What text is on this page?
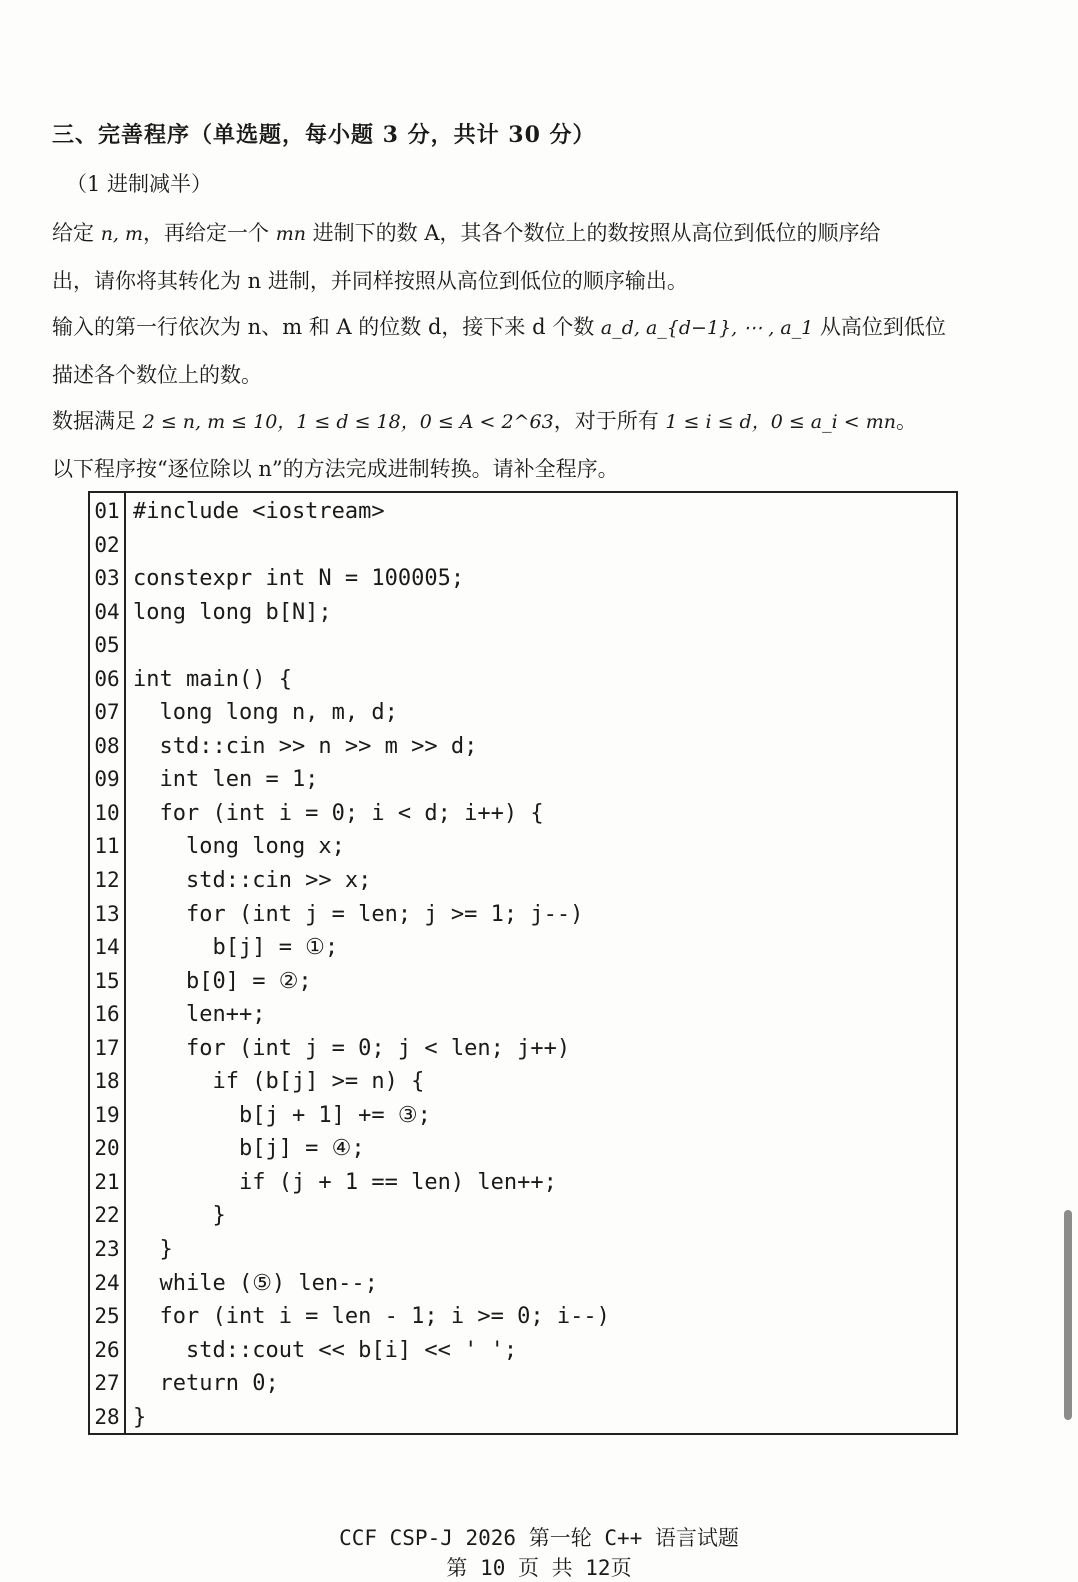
三、完善程序（单选题，每小题 3 分，共计 30 分）
（1 进制减半）
给定 n, m，再给定一个 mn 进制下的数 A，其各个数位上的数按照从高位到低位的顺序给
出，请你将其转化为 n 进制，并同样按照从高位到低位的顺序输出。
输入的第一行依次为 n、m 和 A 的位数 d，接下来 d 个数 a_d, a_{d−1}, ⋯ , a_1 从高位到低位
描述各个数位上的数。
数据满足 2 ≤ n, m ≤ 10，1 ≤ d ≤ 18，0 ≤ A < 2^63，对于所有 1 ≤ i ≤ d，0 ≤ a_i < mn。
以下程序按“逐位除以 n”的方法完成进制转换。请补全程序。
01 #include <iostream>
02
03 constexpr int N = 100005;
04 long long b[N];
05
06 int main() {
07 long long n, m, d;
08 std::cin >> n >> m >> d;
09 int len = 1;
10 for (int i = 0; i < d; i++) {
11 long long x;
12 std::cin >> x;
13 for (int j = len; j >= 1; j--)
14 b[j] = ①;
15 b[0] = ②;
16 len++;
17 for (int j = 0; j < len; j++)
18 if (b[j] >= n) {
19 b[j + 1] += ③;
20 b[j] = ④;
21 if (j + 1 == len) len++;
22 }
23 }
24 while (⑤) len--;
25 for (int i = len - 1; i >= 0; i--)
26 std::cout << b[i] << ' ';
27 return 0;
28 }
CCF CSP-J 2026 第一轮 C++ 语言试题
第 10 页 共 12页
